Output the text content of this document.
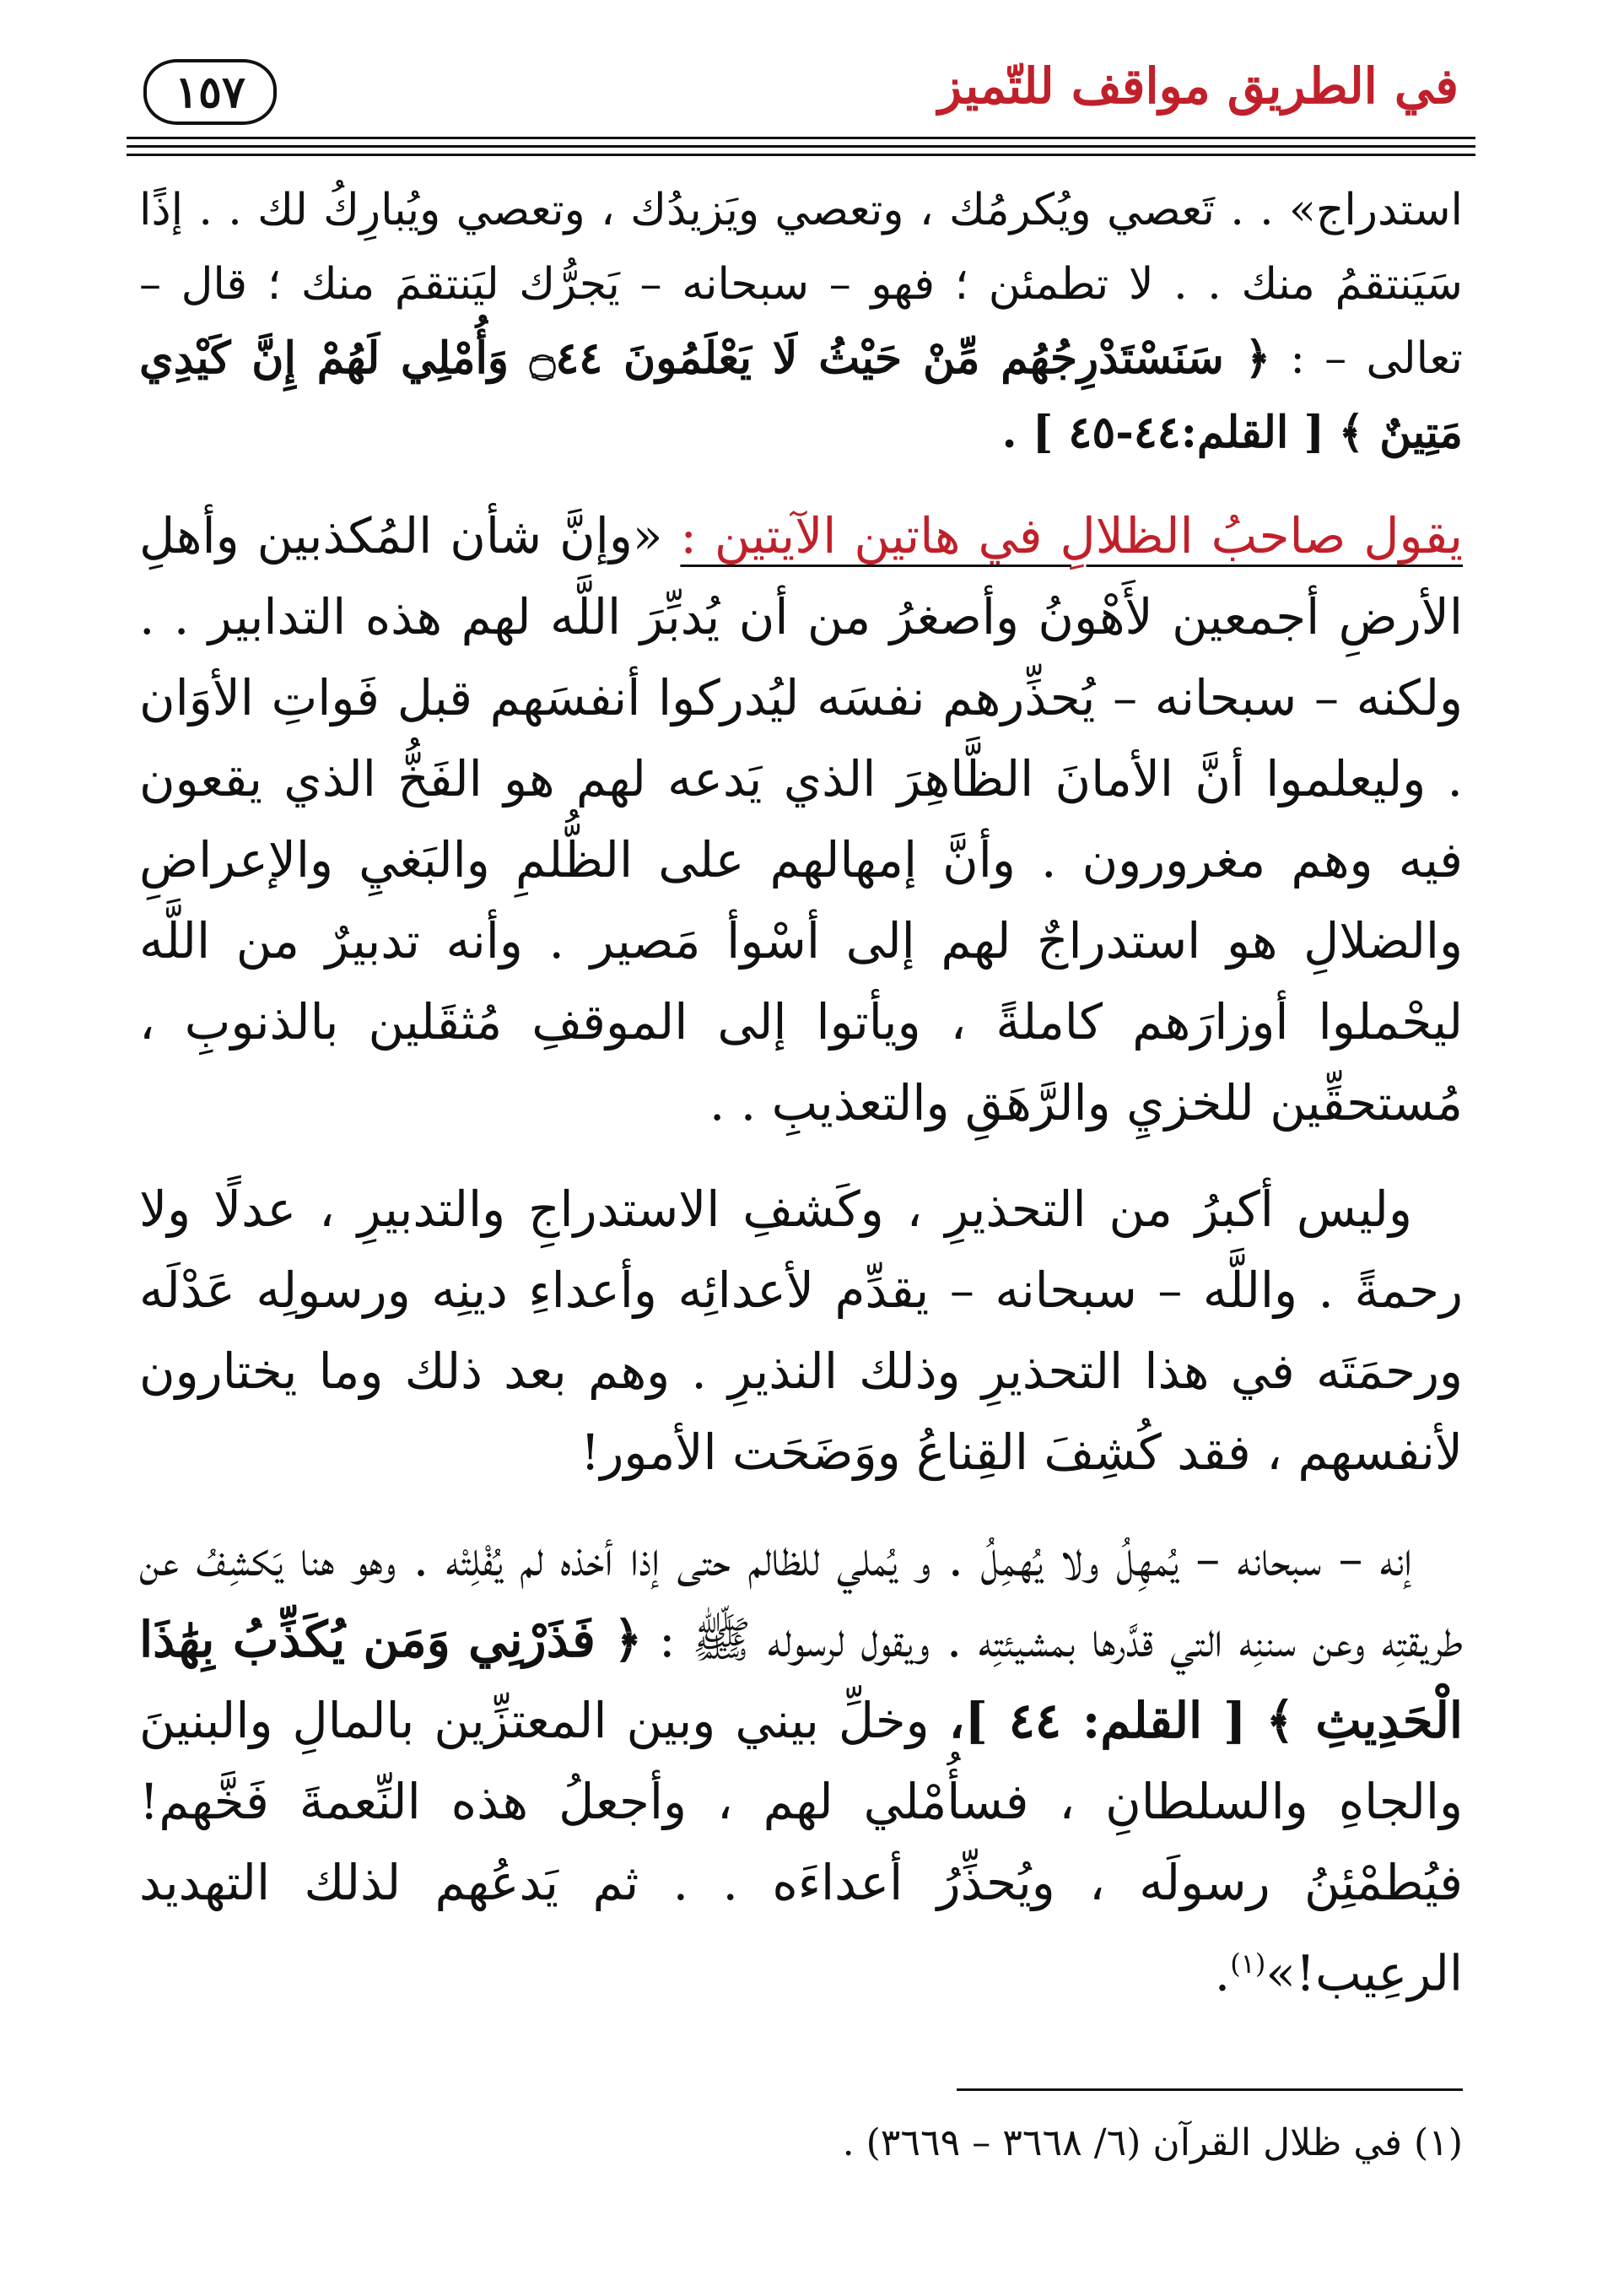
في الطريق مواقف للتّميز
١٥٧

استدراج» . . تَعصي ويُكرمُك ، وتعصي ويَزيدُك ، وتعصي ويُبارِكُ لك . . إذًا سَيَنتقمُ منك . . لا تطمئن ؛ فهو – سبحانه – يَجرُّك ليَنتقمَ منك ؛ قال – تعالى – : ﴿ سَنَسْتَدْرِجُهُم مِّنْ حَيْثُ لَا يَعْلَمُونَ ۝٤٤ وَأُمْلِي لَهُمْ إِنَّ كَيْدِي مَتِينٌ ﴾ [ القلم:٤٤-٤٥ ] .

يقول صاحبُ الظلالِ في هاتين الآيتين : «وإنَّ شأن المُكذبين وأهلِ الأرضِ أجمعين لأَهْونُ وأصغرُ من أن يُدبِّرَ اللَّه لهم هذه التدابير . . ولكنه – سبحانه – يُحذِّرهم نفسَه ليُدركوا أنفسَهم قبل فَواتِ الأوَان . وليعلموا أنَّ الأمانَ الظَّاهِرَ الذي يَدعه لهم هو الفَخُّ الذي يقعون فيه وهم مغرورون . وأنَّ إمهالهم على الظُّلمِ والبَغيِ والإعراضِ والضلالِ هو استدراجٌ لهم إلى أسْوأ مَصير . وأنه تدبيرٌ من اللَّه ليحْملوا أوزارَهم كاملةً ، ويأتوا إلى الموقفِ مُثقَلين بالذنوبِ ، مُستحقِّين للخزيِ والرَّهَقِ والتعذيبِ . .

وليس أكبرُ من التحذيرِ ، وكَشفِ الاستدراجِ والتدبيرِ ، عدلًا ولا رحمةً . واللَّه – سبحانه – يقدِّم لأعدائِه وأعداءِ دينِه ورسولِه عَدْلَه ورحمَتَه في هذا التحذيرِ وذلك النذيرِ . وهم بعد ذلك وما يختارون لأنفسهم ، فقد كُشِفَ القِناعُ ووَضَحَت الأمور!

إنه – سبحانه – يُمهِلُ ولا يُهمِلُ . و يُملي للظالم حتى إذا أخذه لم يُفْلِتْه . وهو هنا يَكشِفُ عن طريقتِه وعن سننِه التي قدَّرها بمشيئتِه . ويقول لرسوله ﷺ : ﴿ فَذَرْنِي وَمَن يُكَذِّبُ بِهَٰذَا الْحَدِيثِ ﴾ [ القلم: ٤٤ ]، وخلِّ بيني وبين المعتزِّين بالمالِ والبنينَ والجاهِ والسلطانِ ، فسأُمْلي لهم ، وأجعلُ هذه النِّعمةَ فَخَّهم! فيُطمْئِنُ رسولَه ، ويُحذِّرُ أعداءَه . . ثم يَدعُهم لذلك التهديد الرعِيب!»$^{(١)}$.

(١) في ظلال القرآن (٦/ ٣٦٦٨ – ٣٦٦٩) .
